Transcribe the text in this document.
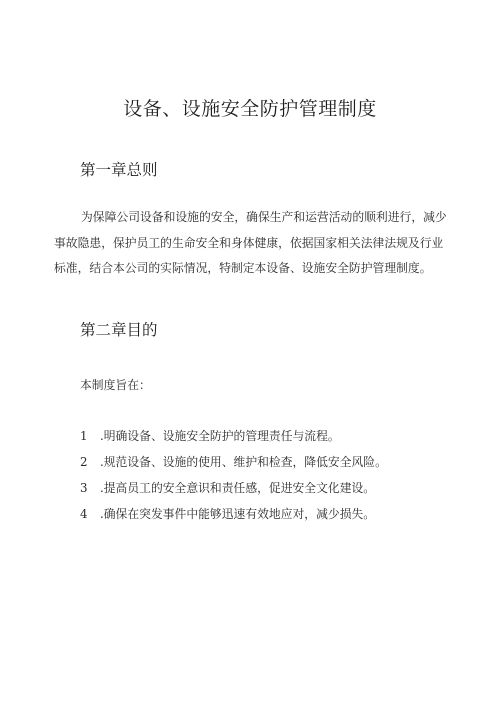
设备、设施安全防护管理制度
第一章总则
为保障公司设备和设施的安全，确保生产和运营活动的顺利进行，减少
事故隐患，保护员工的生命安全和身体健康，依据国家相关法律法规及行业
标准，结合本公司的实际情况，特制定本设备、设施安全防护管理制度。
第二章目的
本制度旨在：
1 .明确设备、设施安全防护的管理责任与流程。
2 .规范设备、设施的使用、维护和检查，降低安全风险。
3 .提高员工的安全意识和责任感，促进安全文化建设。
4 .确保在突发事件中能够迅速有效地应对，减少损失。
